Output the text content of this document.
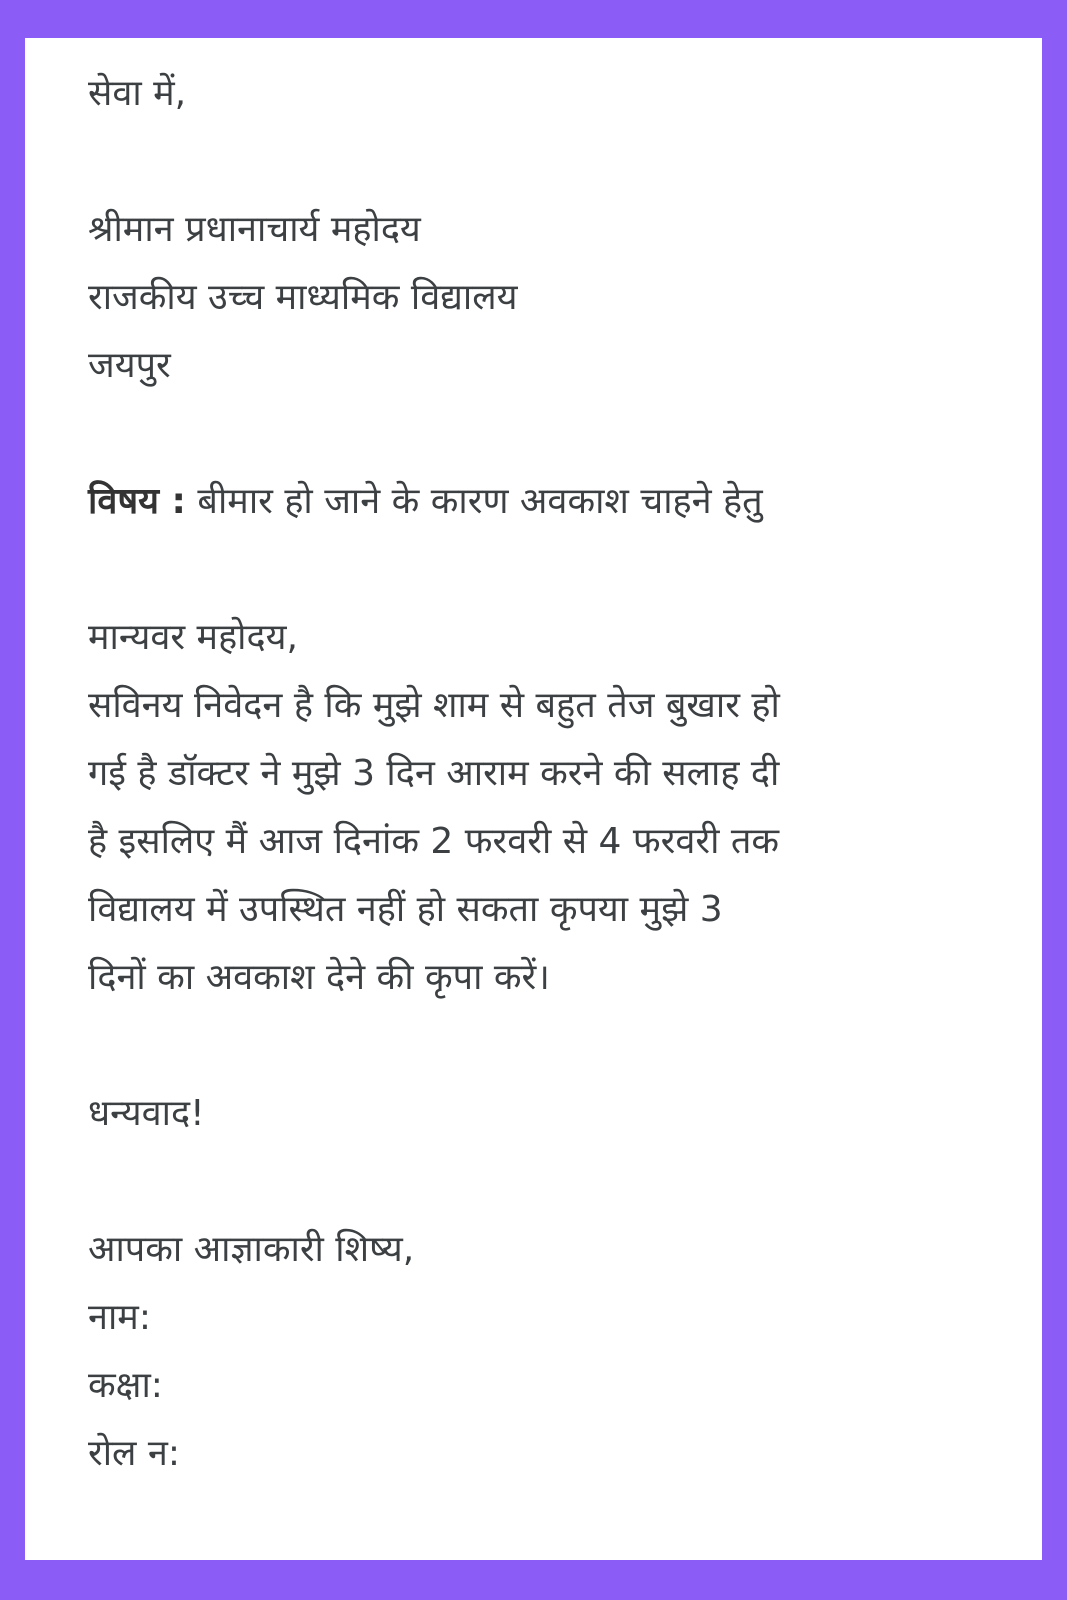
सेवा में,
श्रीमान प्रधानाचार्य महोदय
राजकीय उच्च माध्यमिक विद्यालय
जयपुर
विषय : बीमार हो जाने के कारण अवकाश चाहने हेतु
मान्यवर महोदय,
सविनय निवेदन है कि मुझे शाम से बहुत तेज बुखार हो
गई है डॉक्टर ने मुझे 3 दिन आराम करने की सलाह दी
है इसलिए मैं आज दिनांक 2 फरवरी से 4 फरवरी तक
विद्यालय में उपस्थित नहीं हो सकता कृपया मुझे 3
दिनों का अवकाश देने की कृपा करें।
धन्यवाद!
आपका आज्ञाकारी शिष्य,
नाम:
कक्षा:
रोल न:
